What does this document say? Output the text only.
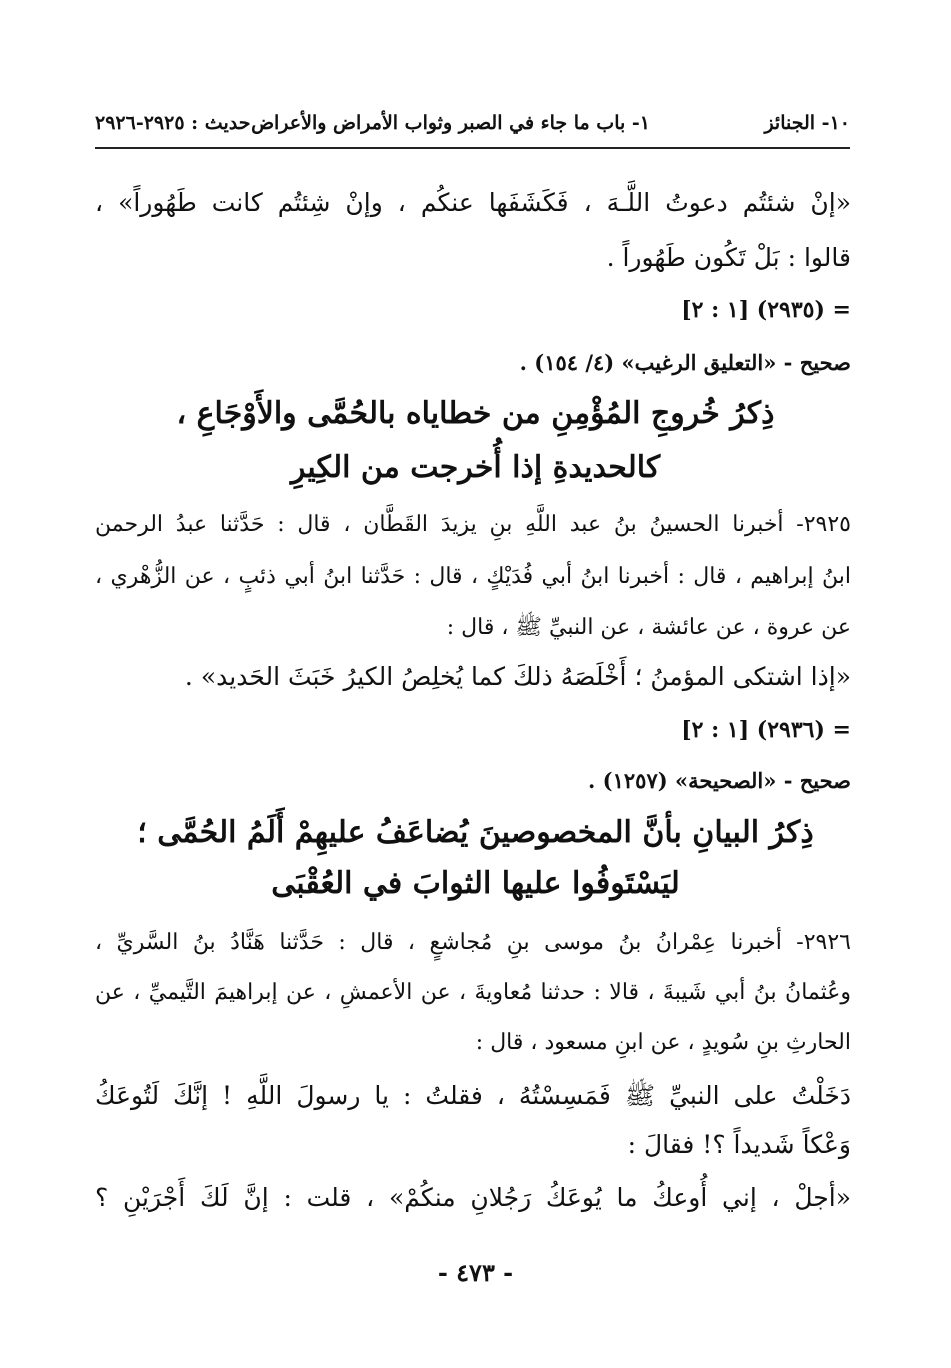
١٠- الجنائز
١- باب ما جاء في الصبر وثواب الأمراض والأعراض
حديث : ٢٩٢٥-٢٩٢٦
«إنْ شئتُم دعوتُ اللَّـهَ ، فَكَشَفَها عنكُم ، وإنْ شِئتُم كانت طَهُوراً» ،
قالوا : بَلْ تَكُون طَهُوراً .
= (٢٩٣٥) [١ : ٢]
صحيح - «التعليق الرغيب» (٤/ ١٥٤) .
ذِكرُ خُروجِ المُؤْمِنِ من خطاياه بالحُمَّى والأَوْجَاعِ ،
كالحديدةِ إذا أُخرجت من الكِيرِ
٢٩٢٥- أخبرنا الحسينُ بنُ عبد اللَّهِ بنِ يزيدَ القَطَّان ، قال : حَدَّثنا عبدُ الرحمن
ابنُ إبراهيم ، قال : أخبرنا ابنُ أبي فُدَيْكٍ ، قال : حَدَّثنا ابنُ أبي ذئبٍ ، عن الزُّهْري ،
عن عروة ، عن عائشة ، عن النبيِّ ﷺ ، قال :
«إذا اشتكى المؤمنُ ؛ أَخْلَصَهُ ذلكَ كما يُخلِصُ الكيرُ خَبَثَ الحَديد» .
= (٢٩٣٦) [١ : ٢]
صحيح - «الصحيحة» (١٢٥٧) .
ذِكرُ البيانِ بأنَّ المخصوصينَ يُضاعَفُ عليهِمْ أَلَمُ الحُمَّى ؛
ليَسْتَوفُوا عليها الثوابَ في العُقْبَى
٢٩٢٦- أخبرنا عِمْرانُ بنُ موسى بنِ مُجاشعٍ ، قال : حَدَّثنا هَنَّادُ بنُ السَّريِّ ،
وعُثمانُ بنُ أبي شَيبةَ ، قالا : حدثنا مُعاويةَ ، عن الأعمشِ ، عن إبراهيمَ التَّيميِّ ، عن
الحارثِ بنِ سُويدٍ ، عن ابنِ مسعود ، قال :
دَخَلْتُ على النبيِّ ﷺ فَمَسِسْتُهُ ، فقلتُ : يا رسولَ اللَّهِ ! إنَّكَ لَتُوعَكُ
وَعْكاً شَديداً ؟! فقالَ :
«أجلْ ، إني أُوعكُ ما يُوعَكُ رَجُلانِ منكُمْ» ، قلت : إنَّ لَكَ أَجْرَيْنِ ؟
- ٤٧٣ -
